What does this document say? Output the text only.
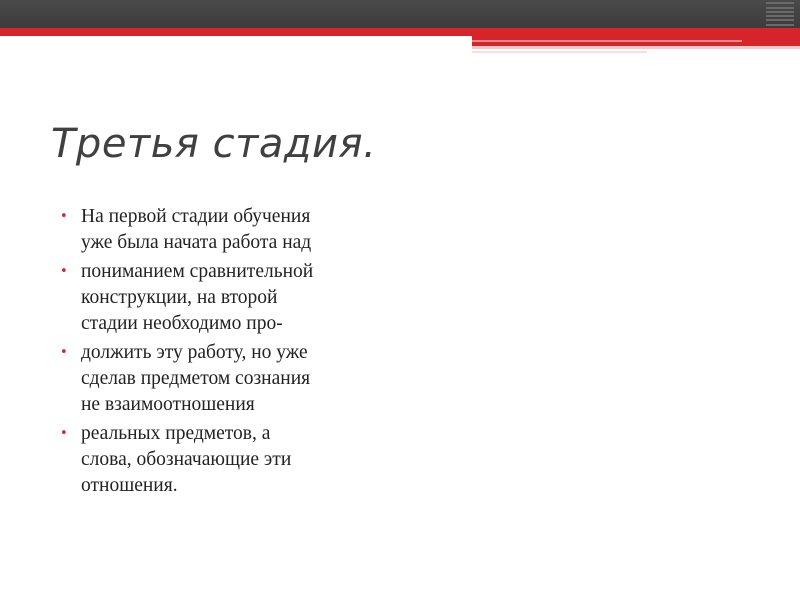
Третья стадия.
• На первой стадии обучения
уже была начата работа над
• пониманием сравнительной
конструкции, на второй
стадии необходимо про-
• должить эту работу, но уже
сделав предметом сознания
не взаимоотношения
• реальных предметов, а
слова, обозначающие эти
отношения.
